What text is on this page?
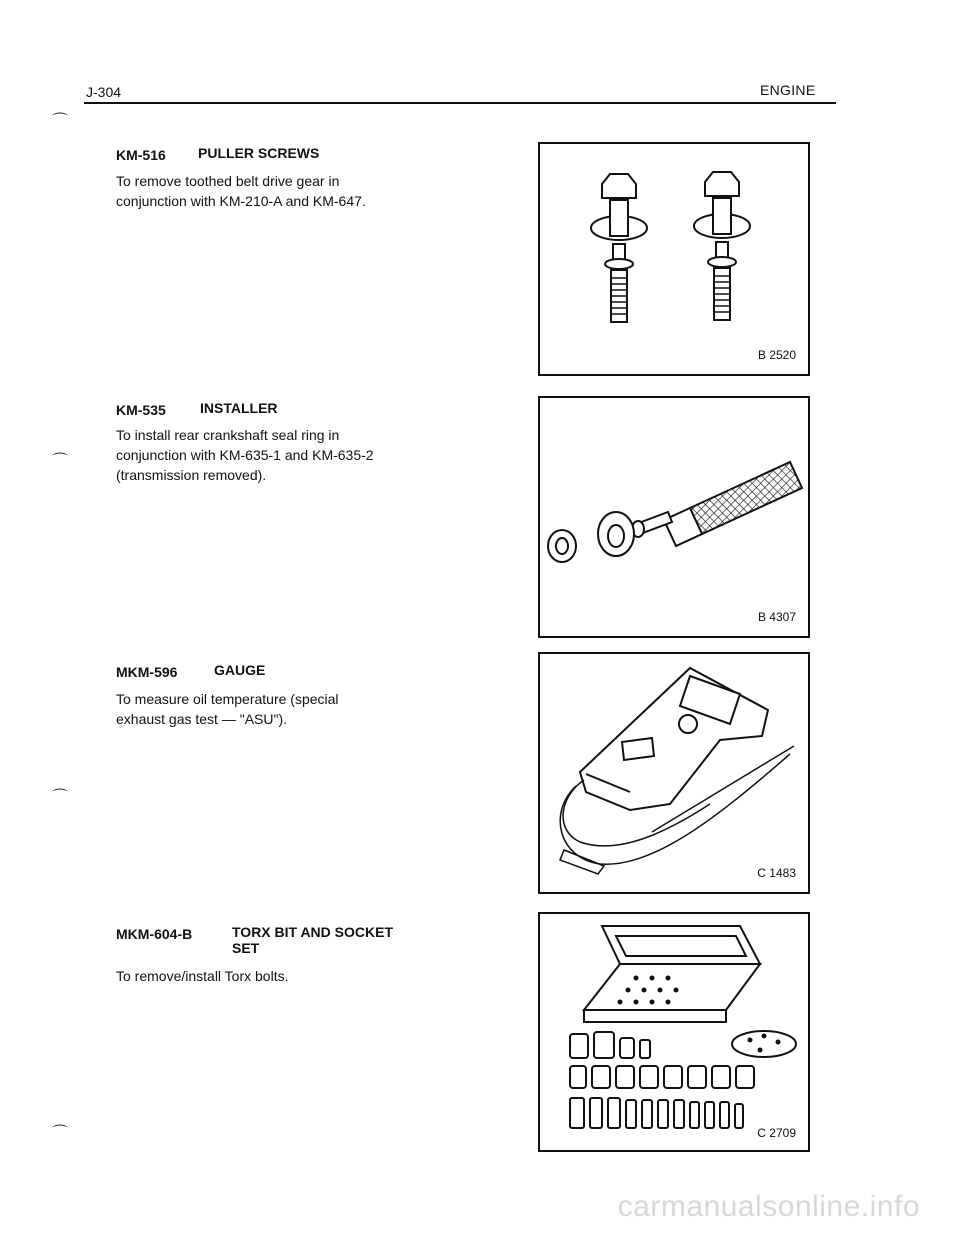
J-304	ENGINE
⌒
⌒
⌒
⌒
KM-516 PULLER SCREWS
To remove toothed belt drive gear in
conjunction with KM-210-A and KM-647.
B 2520
KM-535 INSTALLER
To install rear crankshaft seal ring in
conjunction with KM-635-1 and KM-635-2
(transmission removed).
B 4307
MKM-596	GAUGE
To measure oil temperature (special
exhaust gas test — "ASU").
C 1483
MKM-604-B	TORX BIT AND SOCKET
SET
To remove/install Torx bolts.
C 2709
carmanualsonline.info
